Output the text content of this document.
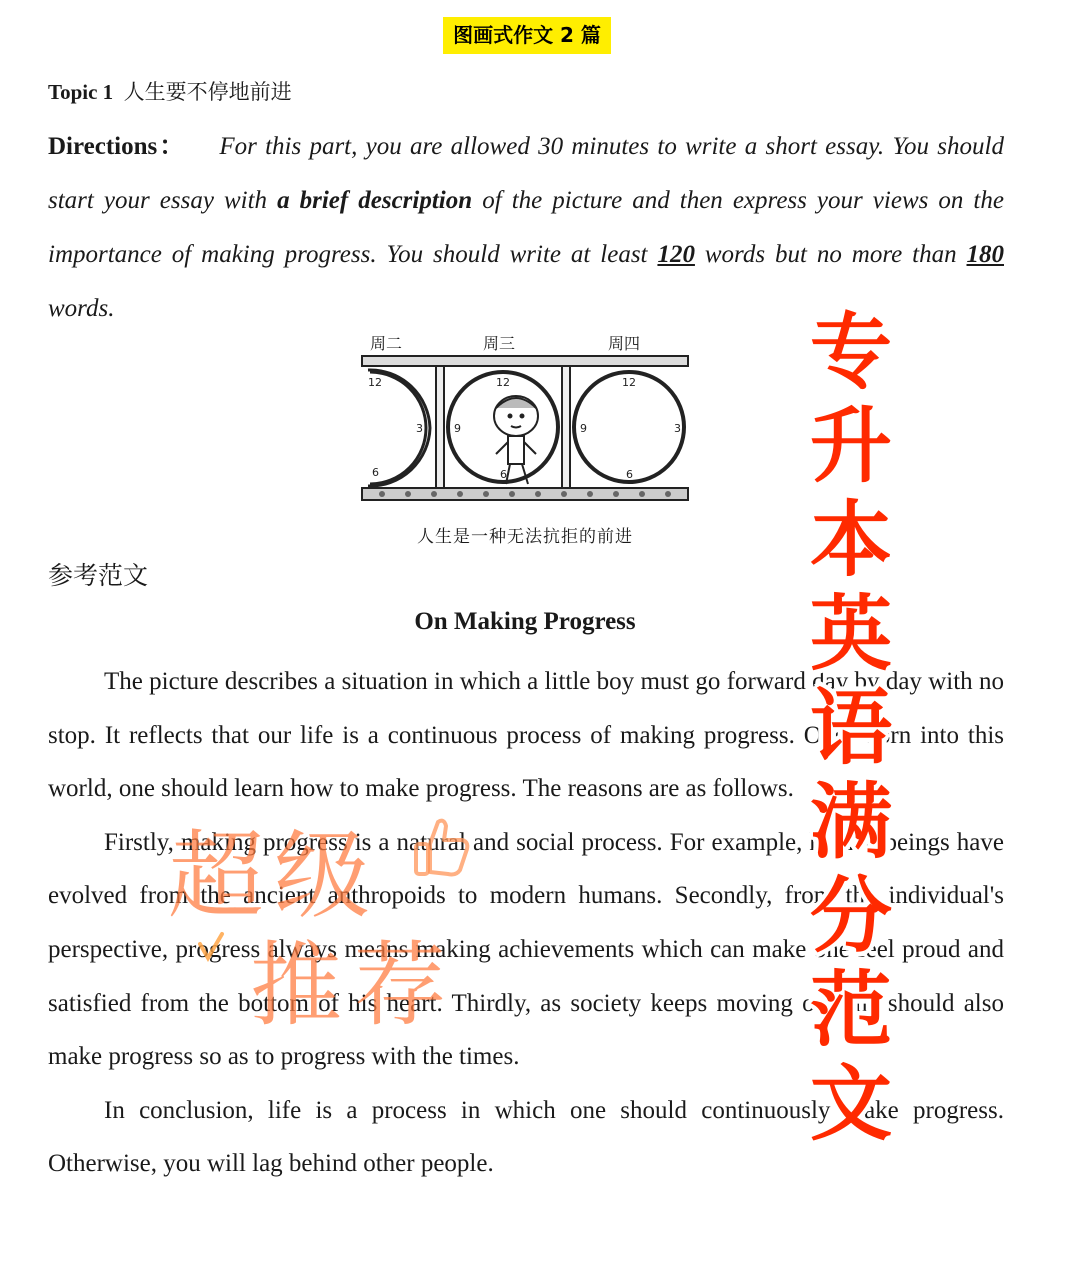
图画式作文 2 篇
Topic 1 人生要不停地前进
Directions： For this part, you are allowed 30 minutes to write a short essay. You should start your essay with a brief description of the picture and then express your views on the importance of making progress. You should write at least 120 words but no more than 180 words.
周二	周三	周四
12
3
6
12
9
6
12
9	3
6
人生是一种无法抗拒的前进
参考范文
On Making Progress

The picture describes a situation in which a little boy must go forward day by day with no stop. It reflects that our life is a continuous process of making progress. Once born into this world, one should learn how to make progress. The reasons are as follows.

Firstly, making progress is a natural and social process. For example, human beings have evolved from the ancient anthropoids to modern humans. Secondly, from the individual's perspective, progress always means making achievements which can make one feel proud and satisfied from the bottom of his heart. Thirdly, as society keeps moving on, one should also make progress so as to progress with the times.

In conclusion, life is a process in which one should continuously make progress. Otherwise, you will lag behind other people.

超级
推荐
专
升
本
英
语
满
分
范
文
